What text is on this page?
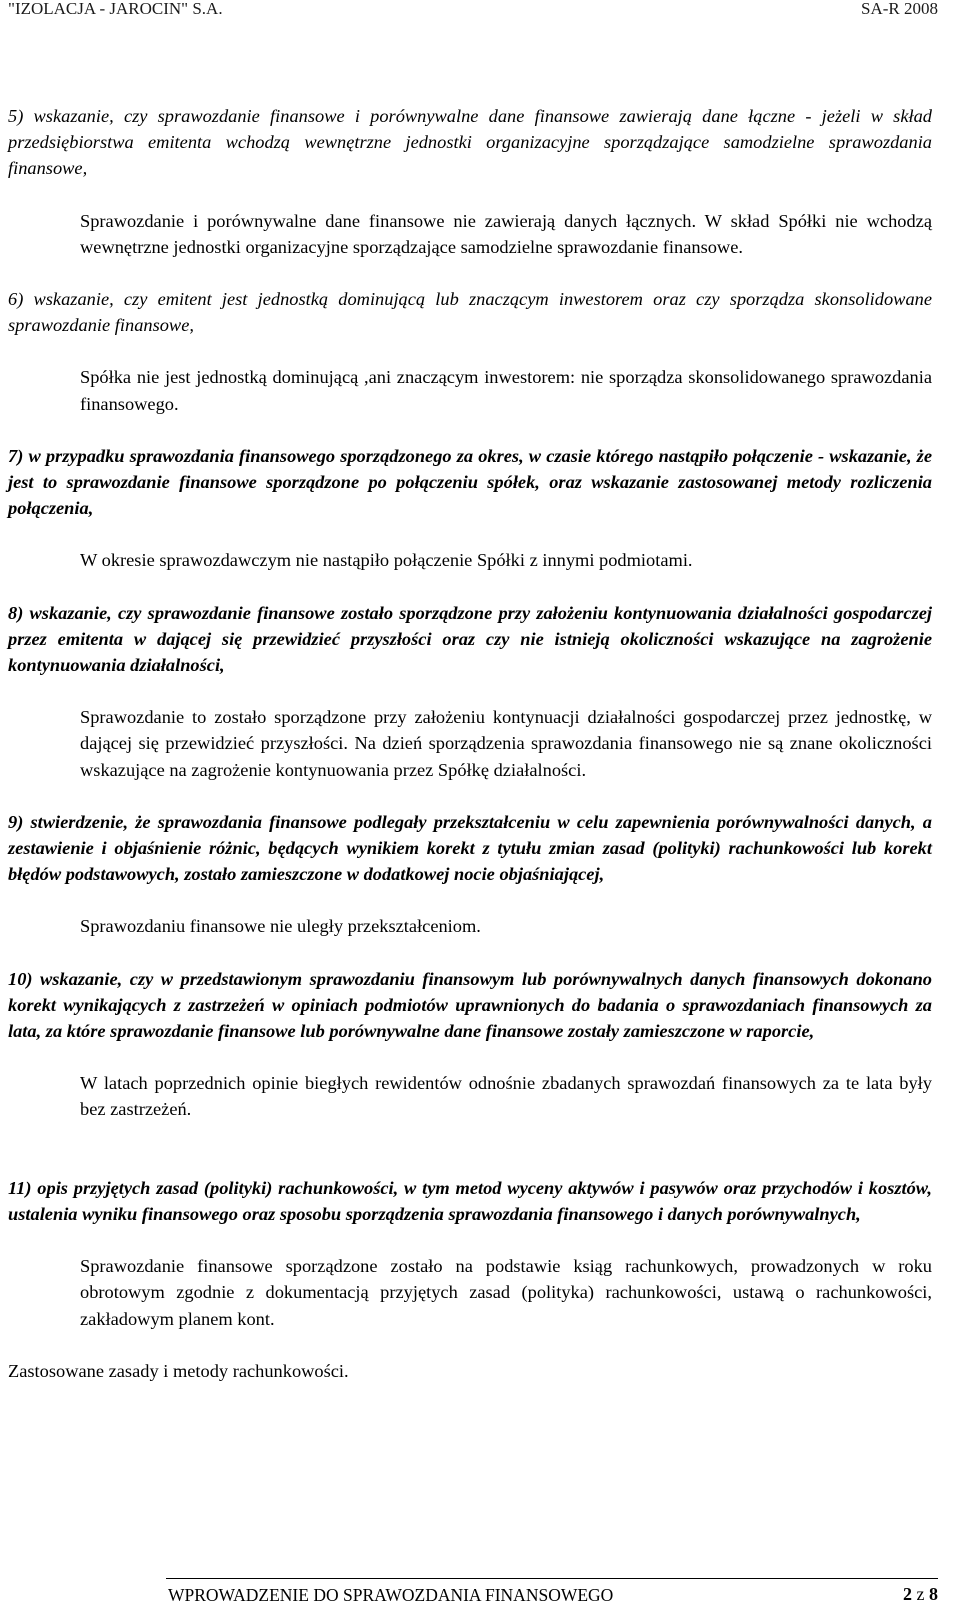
"IZOLACJA - JAROCIN" S.A.	SA-R 2008

5) wskazanie, czy sprawozdanie finansowe i porównywalne dane finansowe zawierają dane łączne - jeżeli w skład przedsiębiorstwa emitenta wchodzą wewnętrzne jednostki organizacyjne sporządzające samodzielne sprawozdania finansowe,

Sprawozdanie i porównywalne dane finansowe nie zawierają danych łącznych. W skład Spółki nie wchodzą wewnętrzne jednostki organizacyjne sporządzające samodzielne sprawozdanie finansowe.

6) wskazanie, czy emitent jest jednostką dominującą lub znaczącym inwestorem oraz czy sporządza skonsolidowane sprawozdanie finansowe,

Spółka nie jest jednostką dominującą ,ani znaczącym inwestorem: nie sporządza skonsolidowanego sprawozdania finansowego.

7) w przypadku sprawozdania finansowego sporządzonego za okres, w czasie którego nastąpiło połączenie - wskazanie, że jest to sprawozdanie finansowe sporządzone po połączeniu spółek, oraz wskazanie zastosowanej metody rozliczenia połączenia,

W okresie sprawozdawczym nie nastąpiło połączenie Spółki z innymi podmiotami.

8) wskazanie, czy sprawozdanie finansowe zostało sporządzone przy założeniu kontynuowania działalności gospodarczej przez emitenta w dającej się przewidzieć przyszłości oraz czy nie istnieją okoliczności wskazujące na zagrożenie kontynuowania działalności,

Sprawozdanie to zostało sporządzone przy założeniu kontynuacji działalności gospodarczej przez jednostkę, w dającej się przewidzieć przyszłości. Na dzień sporządzenia sprawozdania finansowego nie są znane okoliczności wskazujące na zagrożenie kontynuowania przez Spółkę działalności.

9) stwierdzenie, że sprawozdania finansowe podlegały przekształceniu w celu zapewnienia porównywalności danych, a zestawienie i objaśnienie różnic, będących wynikiem korekt z tytułu zmian zasad (polityki) rachunkowości lub korekt błędów podstawowych, zostało zamieszczone w dodatkowej nocie objaśniającej,

Sprawozdaniu finansowe nie uległy przekształceniom.

10) wskazanie, czy w przedstawionym sprawozdaniu finansowym lub porównywalnych danych finansowych dokonano korekt wynikających z zastrzeżeń w opiniach podmiotów uprawnionych do badania o sprawozdaniach finansowych za lata, za które sprawozdanie finansowe lub porównywalne dane finansowe zostały zamieszczone w raporcie,

W latach poprzednich opinie biegłych rewidentów odnośnie zbadanych sprawozdań finansowych za te lata były bez zastrzeżeń.

11) opis przyjętych zasad (polityki) rachunkowości, w tym metod wyceny aktywów i pasywów oraz przychodów i kosztów, ustalenia wyniku finansowego oraz sposobu sporządzenia sprawozdania finansowego i danych porównywalnych,

Sprawozdanie finansowe sporządzone zostało na podstawie ksiąg rachunkowych, prowadzonych w roku obrotowym zgodnie z dokumentacją przyjętych zasad (polityka) rachunkowości, ustawą o rachunkowości, zakładowym planem kont.

Zastosowane zasady i metody rachunkowości.

WPROWADZENIE DO SPRAWOZDANIA FINANSOWEGO	2 z 8
